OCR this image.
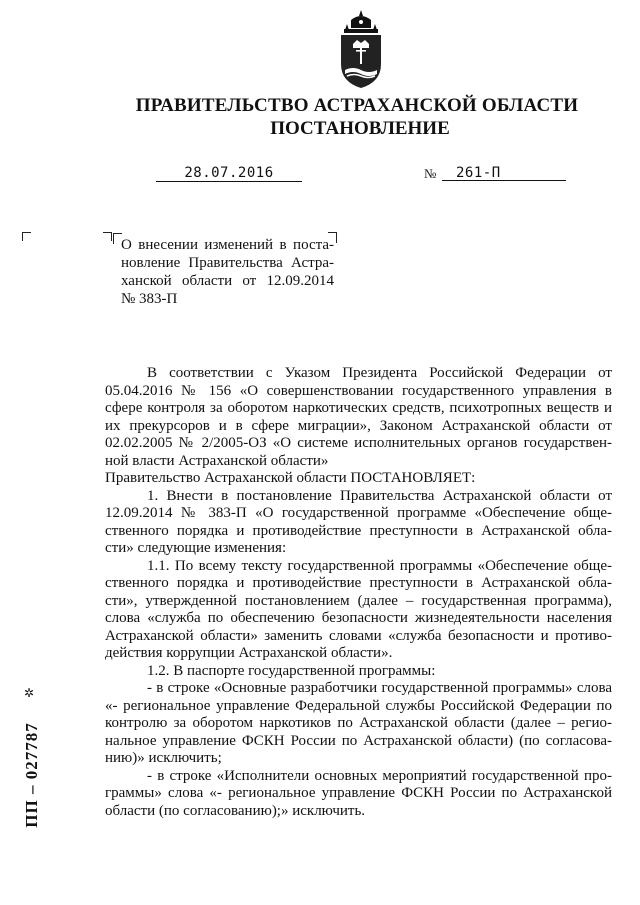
ПРАВИТЕЛЬСТВО АСТРАХАНСКОЙ ОБЛАСТИ
ПОСТАНОВЛЕНИЕ
28.07.2016	№	261-П
О внесении изменений в поста-
новление Правительства Астра-
ханской области от 12.09.2014
№ 383-П
В соответствии с Указом Президента Российской Федерации от
05.04.2016 № 156 «О совершенствовании государственного управления в
сфере контроля за оборотом наркотических средств, психотропных веществ и
их прекурсоров и в сфере миграции», Законом Астраханской области от
02.02.2005 № 2/2005-ОЗ «О системе исполнительных органов государствен-
ной власти Астраханской области»
Правительство Астраханской области ПОСТАНОВЛЯЕТ:
1. Внести в постановление Правительства Астраханской области от
12.09.2014 № 383-П «О государственной программе «Обеспечение обще-
ственного порядка и противодействие преступности в Астраханской обла-
сти» следующие изменения:
1.1. По всему тексту государственной программы «Обеспечение обще-
ственного порядка и противодействие преступности в Астраханской обла-
сти», утвержденной постановлением (далее – государственная программа),
слова «служба по обеспечению безопасности жизнедеятельности населения
Астраханской области» заменить словами «служба безопасности и противо-
действия коррупции Астраханской области».
1.2. В паспорте государственной программы:
- в строке «Основные разработчики государственной программы» слова
«- региональное управление Федеральной службы Российской Федерации по
контролю за оборотом наркотиков по Астраханской области (далее – регио-
нальное управление ФСКН России по Астраханской области) (по согласова-
нию)» исключить;
- в строке «Исполнители основных мероприятий государственной про-
граммы» слова «- региональное управление ФСКН России по Астраханской
области (по согласованию);» исключить.
✲
ПП – 027787
